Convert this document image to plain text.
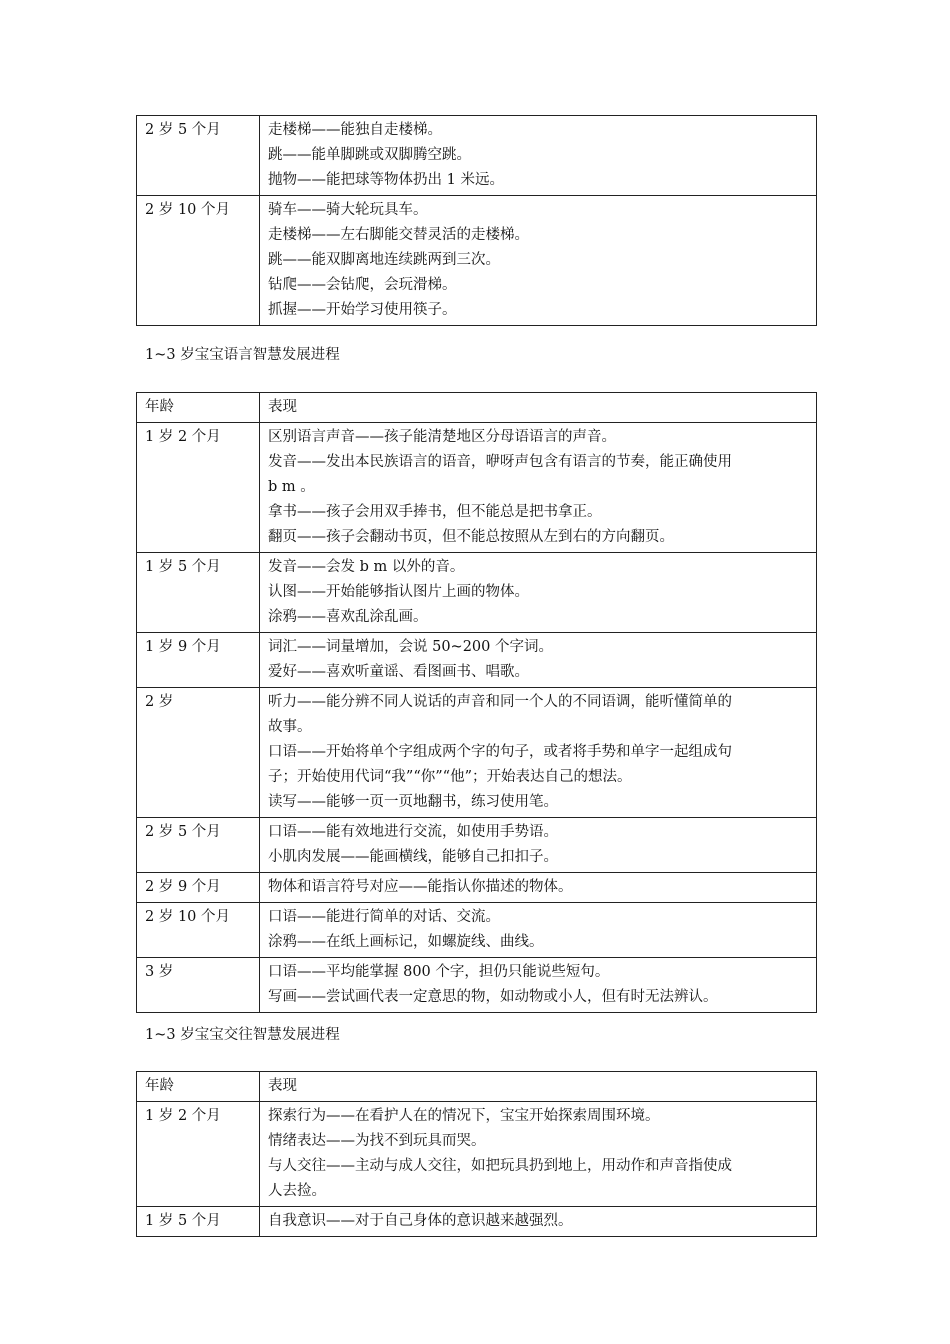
2 岁 5 个月	走楼梯——能独自走楼梯。
跳——能单脚跳或双脚腾空跳。
抛物——能把球等物体扔出 1 米远。

2 岁 10 个月	骑车——骑大轮玩具车。
走楼梯——左右脚能交替灵活的走楼梯。
跳——能双脚离地连续跳两到三次。
钻爬——会钻爬，会玩滑梯。
抓握——开始学习使用筷子。
1~3 岁宝宝语言智慧发展进程
年龄	表现
1 岁 2 个月	区别语言声音——孩子能清楚地区分母语语言的声音。
发音——发出本民族语言的语音，咿呀声包含有语言的节奏，能正确使用
b m 。
拿书——孩子会用双手捧书，但不能总是把书拿正。
翻页——孩子会翻动书页，但不能总按照从左到右的方向翻页。

1 岁 5 个月	发音——会发 b m 以外的音。
认图——开始能够指认图片上画的物体。
涂鸦——喜欢乱涂乱画。

1 岁 9 个月	词汇——词量增加，会说 50~200 个字词。
爱好——喜欢听童谣、看图画书、唱歌。

2 岁	听力——能分辨不同人说话的声音和同一个人的不同语调，能听懂简单的
故事。
口语——开始将单个字组成两个字的句子，或者将手势和单字一起组成句
子；开始使用代词“我”“你”“他”；开始表达自己的想法。
读写——能够一页一页地翻书，练习使用笔。

2 岁 5 个月	口语——能有效地进行交流，如使用手势语。
小肌肉发展——能画横线，能够自己扣扣子。

2 岁 9 个月	物体和语言符号对应——能指认你描述的物体。

2 岁 10 个月	口语——能进行简单的对话、交流。
涂鸦——在纸上画标记，如螺旋线、曲线。

3 岁	口语——平均能掌握 800 个字，担仍只能说些短句。
写画——尝试画代表一定意思的物，如动物或小人，但有时无法辨认。
1~3 岁宝宝交往智慧发展进程
年龄	表现
1 岁 2 个月	探索行为——在看护人在的情况下，宝宝开始探索周围环境。
情绪表达——为找不到玩具而哭。
与人交往——主动与成人交往，如把玩具扔到地上，用动作和声音指使成
人去捡。

1 岁 5 个月	自我意识——对于自己身体的意识越来越强烈。
